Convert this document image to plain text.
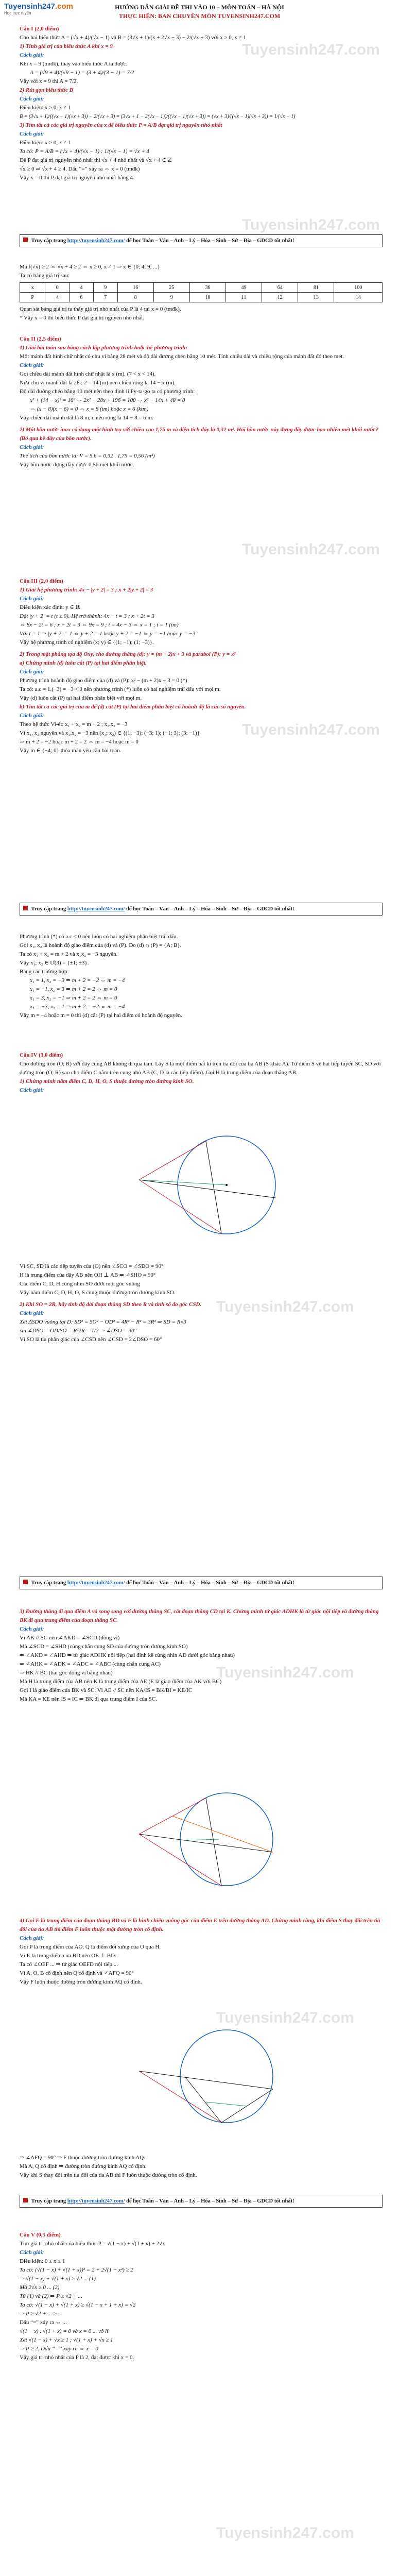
Tuyensinh247.com
Học trực tuyến
HƯỚNG DẪN GIẢI ĐỀ THI VÀO 10 – MÔN TOÁN – HÀ NỘI
THỰC HIỆN: BAN CHUYÊN MÔN TUYENSINH247.COM
Tuyensinh247.com
Tuyensinh247.com
Tuyensinh247.com
Tuyensinh247.com
Tuyensinh247.com
Tuyensinh247.com
Tuyensinh247.com
Tuyensinh247.com
Câu I (2,0 điểm)
Cho hai biểu thức A = (√x + 4)/(√x − 1) và B = (3√x + 1)/(x + 2√x − 3) − 2/(√x + 3) với x ≥ 0, x ≠ 1
1) Tính giá trị của biểu thức A khi x = 9
Cách giải:
Khi x = 9 (tmđk), thay vào biểu thức A ta được:
A = (√9 + 4)/(√9 − 1) = (3 + 4)/(3 − 1) = 7/2
Vậy với x = 9 thì A = 7/2.
2) Rút gọn biểu thức B
Cách giải:
Điều kiện: x ≥ 0, x ≠ 1
B = (3√x + 1)/((√x − 1)(√x + 3)) − 2/(√x + 3) = (3√x + 1 − 2(√x − 1))/((√x − 1)(√x + 3)) = (√x + 3)/((√x − 1)(√x + 3)) = 1/(√x − 1)
3) Tìm tất cả các giá trị nguyên của x để biểu thức P = A/B đạt giá trị nguyên nhỏ nhất
Cách giải:
Điều kiện: x ≥ 0, x ≠ 1
Ta có: P = A/B = (√x + 4)/(√x − 1) : 1/(√x − 1) = √x + 4
Để P đạt giá trị nguyên nhỏ nhất thì √x + 4 nhỏ nhất và √x + 4 ∈ ℤ
√x ≥ 0 ⇒ √x + 4 ≥ 4. Dấu “=” xảy ra ⇔ x = 0 (tmđk)
Vậy x = 0 thì P đạt giá trị nguyên nhỏ nhất bằng 4.
Truy cập trang http://tuyensinh247.com/ để học Toán – Văn – Anh – Lý – Hóa – Sinh – Sử – Địa – GDCD tốt nhất!
Mà f(√x) ≥ 2 ⇔ √x + 4 ≥ 2 ⇔ x ≥ 0, x ≠ 1 ⇒ x ∈ {0; 4; 9; ...}
Ta có bảng giá trị sau:
x	0	4	9	16	25	36	49	64	81	100
P	4	6	7	8	9	10	11	12	13	14
Quan sát bảng giá trị ta thấy giá trị nhỏ nhất của P là 4 tại x = 0 (tmđk).
* Vậy x = 0 thì biểu thức P đạt giá trị nguyên nhỏ nhất.
Câu II (2,5 điểm)
1) Giải bài toán sau bằng cách lập phương trình hoặc hệ phương trình:
Một mảnh đất hình chữ nhật có chu vi bằng 28 mét và độ dài đường chéo bằng 10 mét. Tính chiều dài và chiều rộng của mảnh đất đó theo mét.
Cách giải:
Gọi chiều dài mảnh đất hình chữ nhật là x (m), (7 < x < 14).
Nửa chu vi mảnh đất là 28 : 2 = 14 (m) nên chiều rộng là 14 − x (m).
Độ dài đường chéo bằng 10 mét nên theo định lí Py-ta-go ta có phương trình:
x² + (14 − x)² = 10² ⇔ 2x² − 28x + 196 = 100 ⇔ x² − 14x + 48 = 0
⇔ (x − 8)(x − 6) = 0 ⇔ x = 8 (tm) hoặc x = 6 (ktm)
Vậy chiều dài mảnh đất là 8 m, chiều rộng là 14 − 8 = 6 m.
2) Một bồn nước inox có dạng một hình trụ với chiều cao 1,75 m và diện tích đáy là 0,32 m². Hỏi bồn nước này đựng đầy được bao nhiêu mét khối nước? (Bỏ qua bề dày của bồn nước).
Cách giải:
Thể tích của bồn nước là: V = S.h = 0,32 . 1,75 = 0,56 (m³)
Vậy bồn nước đựng đầy được 0,56 mét khối nước.
Câu III (2,0 điểm)
1) Giải hệ phương trình: 4x − |y + 2| = 3 ; x + 2|y + 2| = 3
Cách giải:
Điều kiện xác định: y ∈ ℝ
Đặt |y + 2| = t (t ≥ 0). Hệ trở thành: 4x − t = 3 ; x + 2t = 3
⇔ 8x − 2t = 6 ; x + 2t = 3 ⇔ 9x = 9 ; t = 4x − 3 ⇔ x = 1 ; t = 1 (tm)
Với t = 1 ⇒ |y + 2| = 1 ⇔ y + 2 = 1 hoặc y + 2 = −1 ⇔ y = −1 hoặc y = −3
Vậy hệ phương trình có nghiệm (x; y) ∈ {(1; −1); (1; −3)}.
2) Trong mặt phẳng tọa độ Oxy, cho đường thẳng (d): y = (m + 2)x + 3 và parabol (P): y = x²
a) Chứng minh (d) luôn cắt (P) tại hai điểm phân biệt.
Cách giải:
Phương trình hoành độ giao điểm của (d) và (P): x² − (m + 2)x − 3 = 0 (*)
Ta có: a.c = 1.(−3) = −3 < 0 nên phương trình (*) luôn có hai nghiệm trái dấu với mọi m.
Vậy (d) luôn cắt (P) tại hai điểm phân biệt với mọi m.
b) Tìm tất cả các giá trị của m để (d) cắt (P) tại hai điểm phân biệt có hoành độ là các số nguyên.
Cách giải:
Theo hệ thức Vi-ét: x₁ + x₂ = m + 2 ; x₁.x₂ = −3
Vì x₁, x₂ nguyên và x₁.x₂ = −3 nên (x₁; x₂) ∈ {(1; −3); (−3; 1); (−1; 3); (3; −1)}
⇒ m + 2 = −2 hoặc m + 2 = 2 ⇔ m = −4 hoặc m = 0
Vậy m ∈ {−4; 0} thỏa mãn yêu cầu bài toán.
Truy cập trang http://tuyensinh247.com/ để học Toán – Văn – Anh – Lý – Hóa – Sinh – Sử – Địa – GDCD tốt nhất!
Phương trình (*) có a.c < 0 nên luôn có hai nghiệm phân biệt trái dấu.
Gọi x₁, x₂ là hoành độ giao điểm của (d) và (P). Do (d) ∩ (P) = {A; B}.
Ta có x₁ + x₂ = m + 2 và x₁x₂ = −3 nguyên.
Vậy x₁; x₂ ∈ Ư(3) = {±1; ±3}.
Bảng các trường hợp:
x₁ = 1, x₂ = −3 ⇒ m + 2 = −2 ⇔ m = −4
x₁ = −1, x₂ = 3 ⇒ m + 2 = 2 ⇔ m = 0
x₁ = 3, x₂ = −1 ⇒ m + 2 = 2 ⇔ m = 0
x₁ = −3, x₂ = 1 ⇒ m + 2 = −2 ⇔ m = −4
Vậy m = −4 hoặc m = 0 thì (d) cắt (P) tại hai điểm có hoành độ nguyên.
Câu IV (3,0 điểm)
Cho đường tròn (O; R) với dây cung AB không đi qua tâm. Lấy S là một điểm bất kì trên tia đối của tia AB (S khác A). Từ điểm S vẽ hai tiếp tuyến SC, SD với đường tròn (O; R) sao cho điểm C nằm trên cung nhỏ AB (C, D là các tiếp điểm). Gọi H là trung điểm của đoạn thẳng AB.
1) Chứng minh năm điểm C, D, H, O, S thuộc đường tròn đường kính SO.
Cách giải:
Vì SC, SD là các tiếp tuyến của (O) nên ∠SCO = ∠SDO = 90°
H là trung điểm của dây AB nên OH ⊥ AB ⇒ ∠SHO = 90°
Các điểm C, D, H cùng nhìn SO dưới một góc vuông
Vậy năm điểm C, D, H, O, S cùng thuộc đường tròn đường kính SO.
2) Khi SO = 2R, hãy tính độ dài đoạn thẳng SD theo R và tính số đo góc CSD.
Cách giải:
Xét ΔSDO vuông tại D: SD² = SO² − OD² = 4R² − R² = 3R² ⇒ SD = R√3
sin ∠DSO = OD/SO = R/2R = 1/2 ⇒ ∠DSO = 30°
Vì SO là tia phân giác của ∠CSD nên ∠CSD = 2∠DSO = 60°
Truy cập trang http://tuyensinh247.com/ để học Toán – Văn – Anh – Lý – Hóa – Sinh – Sử – Địa – GDCD tốt nhất!
3) Đường thẳng đi qua điểm A và song song với đường thẳng SC, cắt đoạn thẳng CD tại K. Chứng minh tứ giác ADHK là tứ giác nội tiếp và đường thẳng BK đi qua trung điểm của đoạn thẳng SC.
Cách giải:
Vì AK // SC nên ∠AKD = ∠SCD (đồng vị)
Mà ∠SCD = ∠SHD (cùng chắn cung SD của đường tròn đường kính SO)
⇒ ∠AKD = ∠AHD ⇒ tứ giác ADHK nội tiếp (hai đỉnh kề cùng nhìn AD dưới góc bằng nhau)
⇒ ∠AHK = ∠ADK = ∠ADC = ∠ABC (cùng chắn cung AC)
⇒ HK // BC (hai góc đồng vị bằng nhau)
Mà H là trung điểm của AB nên K là trung điểm của AE (E là giao điểm của AK với BC)
Gọi I là giao điểm của BK và SC. Vì AE // SC nên KA/IS = BK/BI = KE/IC
Mà KA = KE nên IS = IC ⇒ BK đi qua trung điểm I của SC.
4) Gọi E là trung điểm của đoạn thẳng BD và F là hình chiếu vuông góc của điểm E trên đường thẳng AD. Chứng minh rằng, khi điểm S thay đổi trên tia đối của tia AB thì điểm F luôn thuộc một đường tròn cố định.
Cách giải:
Gọi P là trung điểm của AO, Q là điểm đối xứng của O qua H.
Vì E là trung điểm của BD nên OE ⊥ BD.
Ta có ∠OEF ... ⇒ tứ giác OEFD nội tiếp ...
Vì A, O, B cố định nên Q cố định và ∠AFQ = 90°
Vậy F luôn thuộc đường tròn đường kính AQ cố định.
⇒ ∠AFQ = 90° ⇒ F thuộc đường tròn đường kính AQ.
Mà A, Q cố định ⇒ đường tròn đường kính AQ cố định.
Vậy khi S thay đổi trên tia đối của tia AB thì F luôn thuộc đường tròn cố định.
Truy cập trang http://tuyensinh247.com/ để học Toán – Văn – Anh – Lý – Hóa – Sinh – Sử – Địa – GDCD tốt nhất!
Câu V (0,5 điểm)
Tìm giá trị nhỏ nhất của biểu thức P = √(1 − x) + √(1 + x) + 2√x
Cách giải:
Điều kiện: 0 ≤ x ≤ 1
Ta có: (√(1 − x) + √(1 + x))² = 2 + 2√(1 − x²) ≥ 2
⇒ √(1 − x) + √(1 + x) ≥ √2 ... (1)
Mà 2√x ≥ 0 ... (2)
Từ (1) và (2) ⇒ P ≥ √2 + ...
Ta có: √(1 − x) + √(1 + x) ≥ √(1 − x + 1 + x) = √2
⇒ P ≥ √2 + ... ≥ ...
Dấu “=” xảy ra ⇔ ...
√(1 − x) . √(1 + x) = 0 và x = 0 ... vô lí
Xét √(1 − x) + √x ≥ 1 ; √(1 + x) + √x ≥ 1
⇒ P ≥ 2. Dấu “=” xảy ra ⇔ x = 0
Vậy giá trị nhỏ nhất của P là 2, đạt được khi x = 0.
